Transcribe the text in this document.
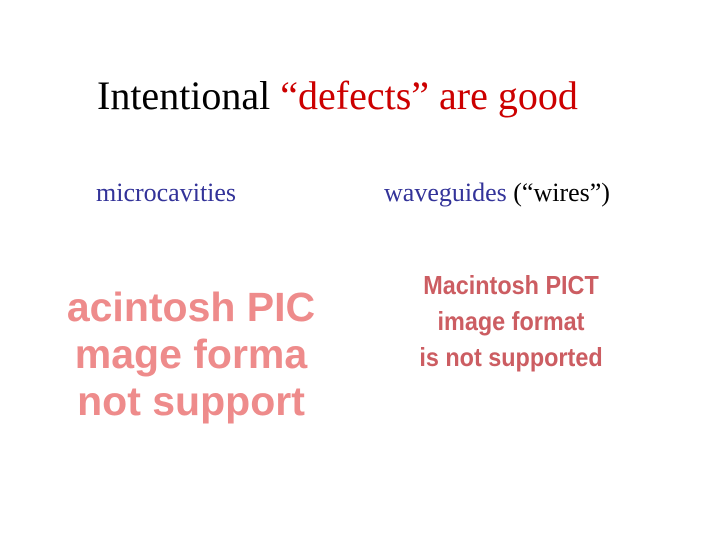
Intentional “defects” are good
microcavities	waveguides (“wires”)
acintosh PIC
mage forma
not support
Macintosh PICT
image format
is not supported
